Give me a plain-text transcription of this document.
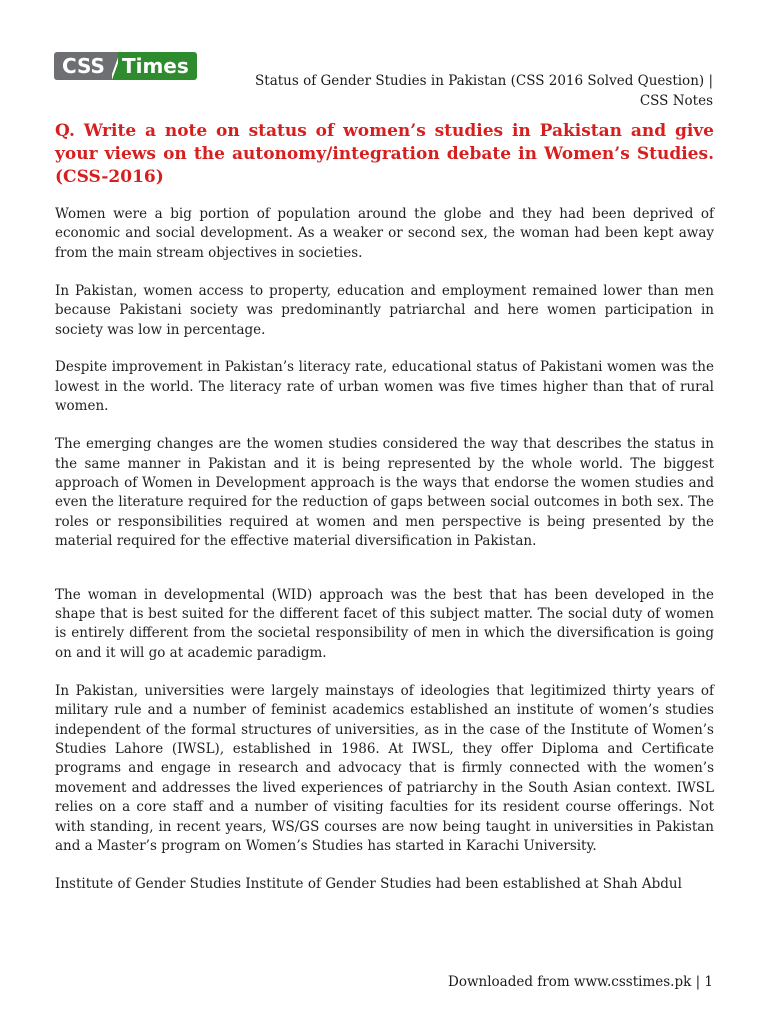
CSS Times
Status of Gender Studies in Pakistan (CSS 2016 Solved Question) |
CSS Notes
Q. Write a note on status of women’s studies in Pakistan and give your views on the autonomy/integration debate in Women’s Studies. (CSS-2016)

Women were a big portion of population around the globe and they had been deprived of economic and social development. As a weaker or second sex, the woman had been kept away from the main stream objectives in societies.

In Pakistan, women access to property, education and employment remained lower than men because Pakistani society was predominantly patriarchal and here women participation in society was low in percentage.

Despite improvement in Pakistan’s literacy rate, educational status of Pakistani women was the lowest in the world. The literacy rate of urban women was five times higher than that of rural women.

The emerging changes are the women studies considered the way that describes the status in the same manner in Pakistan and it is being represented by the whole world. The biggest approach of Women in Development approach is the ways that endorse the women studies and even the literature required for the reduction of gaps between social outcomes in both sex. The roles or responsibilities required at women and men perspective is being presented by the material required for the effective material diversification in Pakistan.

The woman in developmental (WID) approach was the best that has been developed in the shape that is best suited for the different facet of this subject matter. The social duty of women is entirely different from the societal responsibility of men in which the diversification is going on and it will go at academic paradigm.

In Pakistan, universities were largely mainstays of ideologies that legitimized thirty years of military rule and a number of feminist academics established an institute of women’s studies independent of the formal structures of universities, as in the case of the Institute of Women’s Studies Lahore (IWSL), established in 1986. At IWSL, they offer Diploma and Certificate programs and engage in research and advocacy that is firmly connected with the women’s movement and addresses the lived experiences of patriarchy in the South Asian context. IWSL relies on a core staff and a number of visiting faculties for its resident course offerings. Not with standing, in recent years, WS/GS courses are now being taught in universities in Pakistan and a Master’s program on Women’s Studies has started in Karachi University.

Institute of Gender Studies Institute of Gender Studies had been established at Shah Abdul

Downloaded from www.csstimes.pk | 1
